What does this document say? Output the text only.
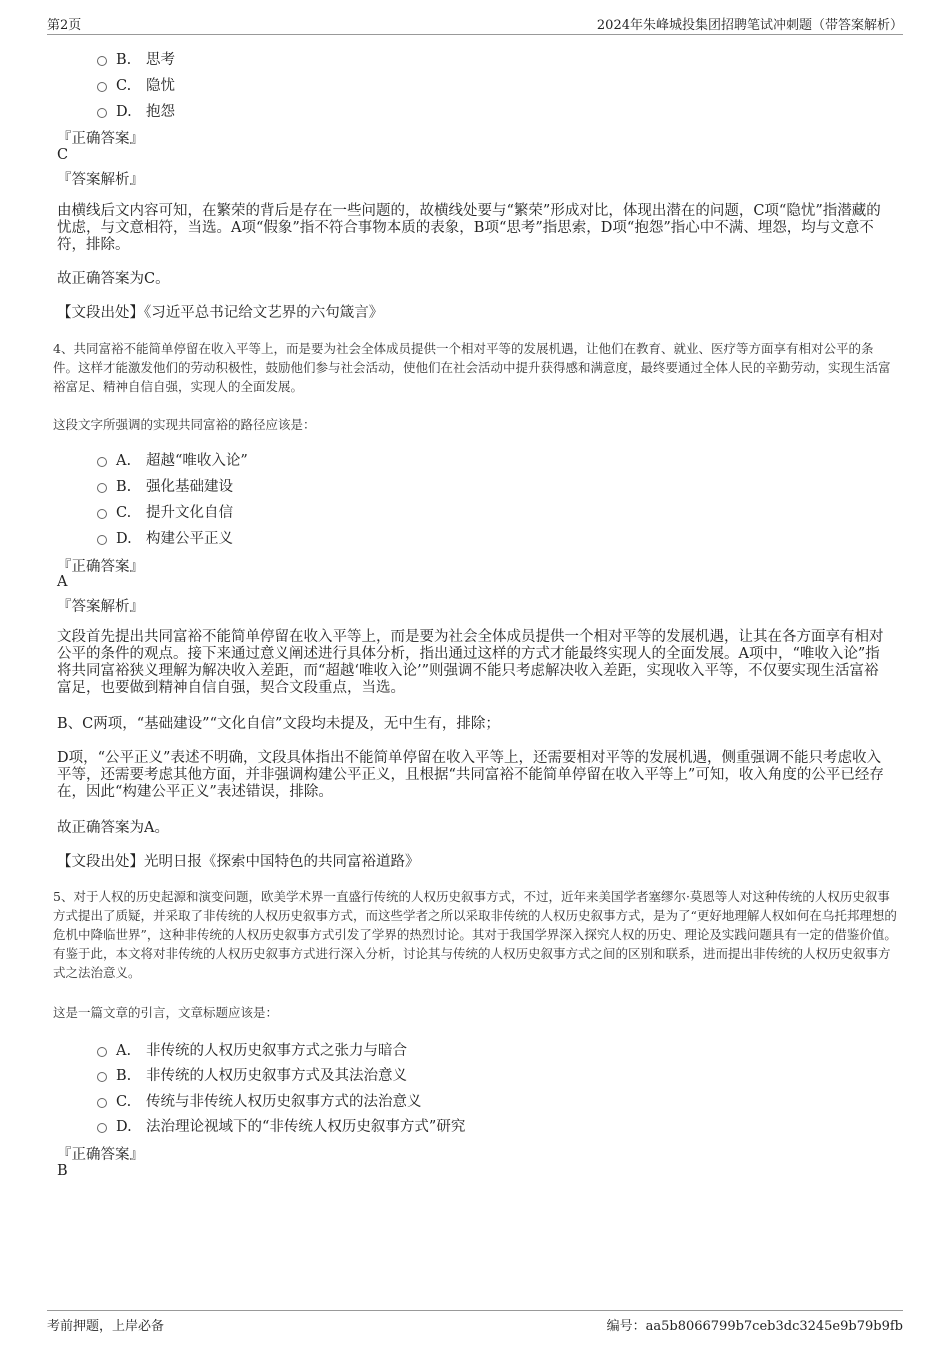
第2页	2024年朱峰城投集团招聘笔试冲刺题（带答案解析）
B. 思考
C. 隐忧
D. 抱怨
『正确答案』
C
『答案解析』
由横线后文内容可知，在繁荣的背后是存在一些问题的，故横线处要与“繁荣”形成对比，体现出潜在的问题，C项“隐忧”指潜藏的忧虑，与文意相符，当选。A项“假象”指不符合事物本质的表象，B项“思考”指思索，D项“抱怨”指心中不满、埋怨，均与文意不符，排除。
故正确答案为C。
【文段出处】《习近平总书记给文艺界的六句箴言》
4、共同富裕不能简单停留在收入平等上，而是要为社会全体成员提供一个相对平等的发展机遇，让他们在教育、就业、医疗等方面享有相对公平的条件。这样才能激发他们的劳动积极性，鼓励他们参与社会活动，使他们在社会活动中提升获得感和满意度，最终要通过全体人民的辛勤劳动，实现生活富裕富足、精神自信自强，实现人的全面发展。
这段文字所强调的实现共同富裕的路径应该是：
A. 超越“唯收入论”
B. 强化基础建设
C. 提升文化自信
D. 构建公平正义
『正确答案』
A
『答案解析』
文段首先提出共同富裕不能简单停留在收入平等上，而是要为社会全体成员提供一个相对平等的发展机遇，让其在各方面享有相对公平的条件的观点。接下来通过意义阐述进行具体分析，指出通过这样的方式才能最终实现人的全面发展。A项中，“唯收入论”指将共同富裕狭义理解为解决收入差距，而“超越‘唯收入论’”则强调不能只考虑解决收入差距，实现收入平等，不仅要实现生活富裕富足，也要做到精神自信自强，契合文段重点，当选。
B、C两项，“基础建设”“文化自信”文段均未提及，无中生有，排除；
D项，“公平正义”表述不明确，文段具体指出不能简单停留在收入平等上，还需要相对平等的发展机遇，侧重强调不能只考虑收入平等，还需要考虑其他方面，并非强调构建公平正义，且根据“共同富裕不能简单停留在收入平等上”可知，收入角度的公平已经存在，因此“构建公平正义”表述错误，排除。
故正确答案为A。
【文段出处】光明日报《探索中国特色的共同富裕道路》
5、对于人权的历史起源和演变问题，欧美学术界一直盛行传统的人权历史叙事方式，不过，近年来美国学者塞缪尔·莫恩等人对这种传统的人权历史叙事方式提出了质疑，并采取了非传统的人权历史叙事方式，而这些学者之所以采取非传统的人权历史叙事方式，是为了“更好地理解人权如何在乌托邦理想的危机中降临世界”，这种非传统的人权历史叙事方式引发了学界的热烈讨论。其对于我国学界深入探究人权的历史、理论及实践问题具有一定的借鉴价值。有鉴于此，本文将对非传统的人权历史叙事方式进行深入分析，讨论其与传统的人权历史叙事方式之间的区别和联系，进而提出非传统的人权历史叙事方式之法治意义。
这是一篇文章的引言，文章标题应该是：
A. 非传统的人权历史叙事方式之张力与暗合
B. 非传统的人权历史叙事方式及其法治意义
C. 传统与非传统人权历史叙事方式的法治意义
D. 法治理论视域下的“非传统人权历史叙事方式”研究
『正确答案』
B
考前押题，上岸必备	编号：aa5b8066799b7ceb3dc3245e9b79b9fb
